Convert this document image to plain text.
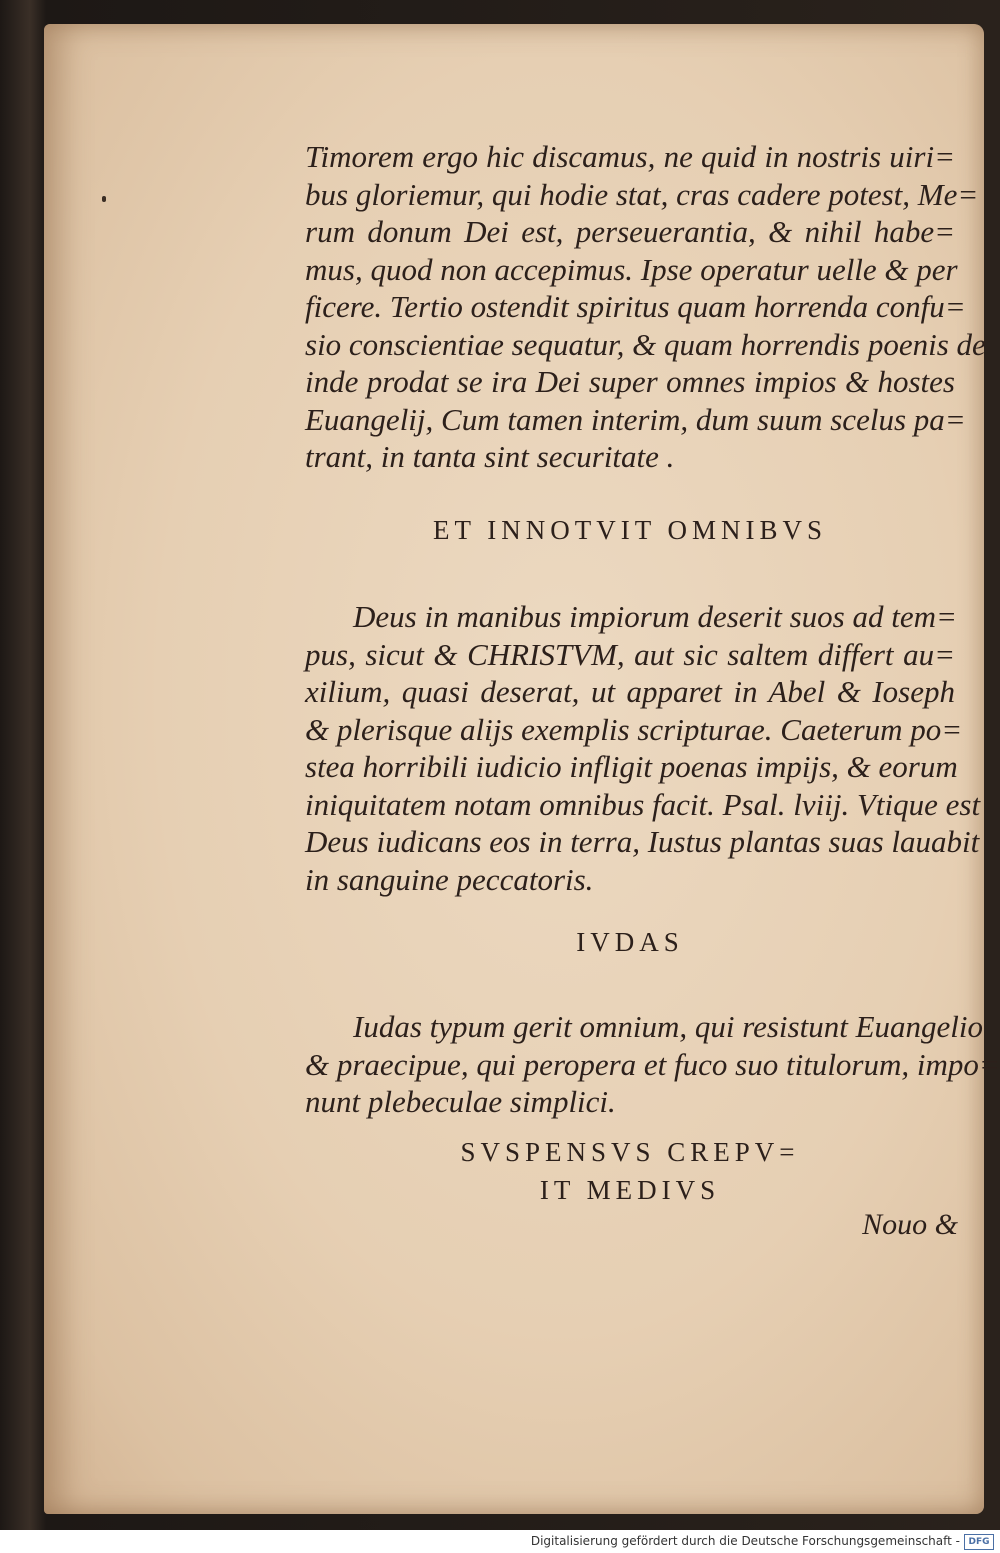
Timorem ergo hic discamus, ne quid in nostris uiri=
bus gloriemur, qui hodie stat, cras cadere potest, Me=
rum donum Dei est, perseuerantia, & nihil habe=
mus, quod non accepimus. Ipse operatur uelle & per
ficere. Tertio ostendit spiritus quam horrenda confu=
sio conscientiae sequatur, & quam horrendis poenis de
inde prodat se ira Dei super omnes impios & hostes
Euangelij, Cum tamen interim, dum suum scelus pa=
trant, in tanta sint securitate .
ET INNOTVIT OMNIBVS
Deus in manibus impiorum deserit suos ad tem=
pus, sicut & CHRISTVM, aut sic saltem differt au=
xilium, quasi deserat, ut apparet in Abel & Ioseph
& plerisque alijs exemplis scripturae. Caeterum po=
stea horribili iudicio infligit poenas impijs, & eorum
iniquitatem notam omnibus facit. Psal. lviij. Vtique est
Deus iudicans eos in terra, Iustus plantas suas lauabit
in sanguine peccatoris.
IVDAS
Iudas typum gerit omnium, qui resistunt Euangelio
& praecipue, qui peropera et fuco suo titulorum, impo=
nunt plebeculae simplici.
SVSPENSVS CREPV=
IT MEDIVS
Nouo &
Digitalisierung gefördert durch die Deutsche Forschungsgemeinschaft - DFG
